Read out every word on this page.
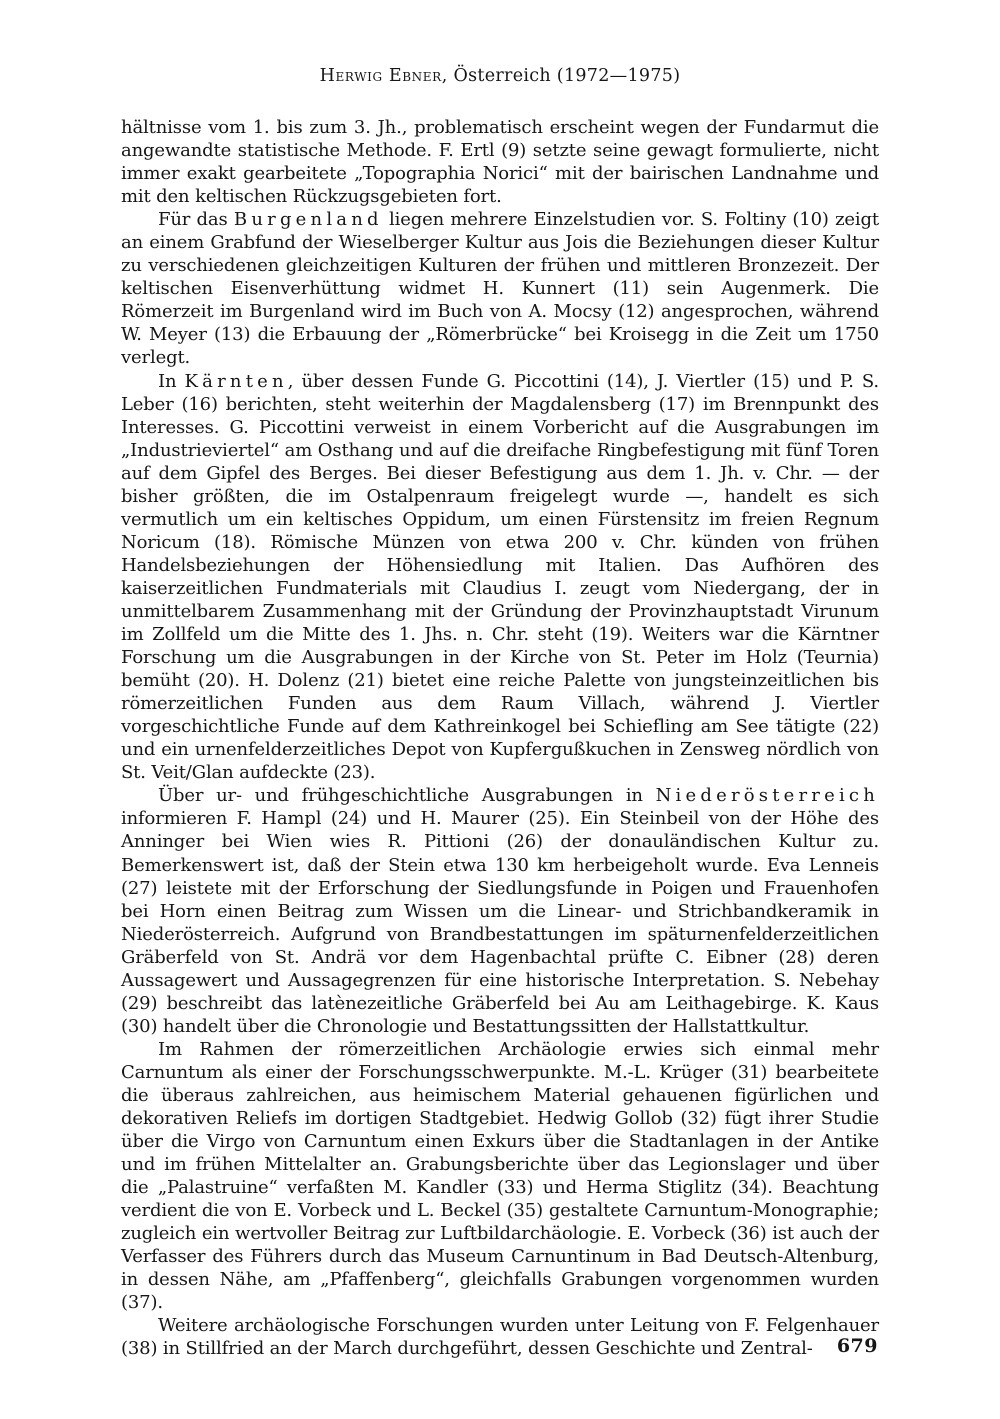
Herwig Ebner, Österreich (1972—1975)

hältnisse vom 1. bis zum 3. Jh., problematisch erscheint wegen der Fundarmut die angewandte statistische Methode. F. Ertl (9) setzte seine gewagt formulierte, nicht immer exakt gearbeitete „Topographia Norici“ mit der bairischen Landnahme und mit den keltischen Rückzugsgebieten fort.

Für das Burgenland liegen mehrere Einzelstudien vor. S. Foltiny (10) zeigt an einem Grabfund der Wieselberger Kultur aus Jois die Beziehungen dieser Kultur zu verschiedenen gleichzeitigen Kulturen der frühen und mittleren Bronzezeit. Der keltischen Eisenverhüttung widmet H. Kunnert (11) sein Augenmerk. Die Römerzeit im Burgenland wird im Buch von A. Mocsy (12) angesprochen, während W. Meyer (13) die Erbauung der „Römerbrücke“ bei Kroisegg in die Zeit um 1750 verlegt.

In Kärnten, über dessen Funde G. Piccottini (14), J. Viertler (15) und P. S. Leber (16) berichten, steht weiterhin der Magdalensberg (17) im Brennpunkt des Interesses. G. Piccottini verweist in einem Vorbericht auf die Ausgrabungen im „Industrieviertel“ am Osthang und auf die dreifache Ringbefestigung mit fünf Toren auf dem Gipfel des Berges. Bei dieser Befestigung aus dem 1. Jh. v. Chr. — der bisher größten, die im Ostalpenraum freigelegt wurde —, handelt es sich vermutlich um ein keltisches Oppidum, um einen Fürstensitz im freien Regnum Noricum (18). Römische Münzen von etwa 200 v. Chr. künden von frühen Handelsbeziehungen der Höhensiedlung mit Italien. Das Aufhören des kaiserzeitlichen Fundmaterials mit Claudius I. zeugt vom Niedergang, der in unmittelbarem Zusammenhang mit der Gründung der Provinzhauptstadt Virunum im Zollfeld um die Mitte des 1. Jhs. n. Chr. steht (19). Weiters war die Kärntner Forschung um die Ausgrabungen in der Kirche von St. Peter im Holz (Teurnia) bemüht (20). H. Dolenz (21) bietet eine reiche Palette von jungsteinzeitlichen bis römerzeitlichen Funden aus dem Raum Villach, während J. Viertler vorgeschichtliche Funde auf dem Kathreinkogel bei Schiefling am See tätigte (22) und ein urnenfelderzeitliches Depot von Kupfergußkuchen in Zensweg nördlich von St. Veit/Glan aufdeckte (23).

Über ur- und frühgeschichtliche Ausgrabungen in Niederösterreich informieren F. Hampl (24) und H. Maurer (25). Ein Steinbeil von der Höhe des Anninger bei Wien wies R. Pittioni (26) der donauländischen Kultur zu. Bemerkenswert ist, daß der Stein etwa 130 km herbeigeholt wurde. Eva Lenneis (27) leistete mit der Erforschung der Siedlungsfunde in Poigen und Frauenhofen bei Horn einen Beitrag zum Wissen um die Linear- und Strichbandkeramik in Niederösterreich. Aufgrund von Brandbestattungen im späturnenfelderzeitlichen Gräberfeld von St. Andrä vor dem Hagenbachtal prüfte C. Eibner (28) deren Aussagewert und Aussagegrenzen für eine historische Interpretation. S. Nebehay (29) beschreibt das latènezeitliche Gräberfeld bei Au am Leithagebirge. K. Kaus (30) handelt über die Chronologie und Bestattungssitten der Hallstattkultur.

Im Rahmen der römerzeitlichen Archäologie erwies sich einmal mehr Carnuntum als einer der Forschungsschwerpunkte. M.-L. Krüger (31) bearbeitete die überaus zahlreichen, aus heimischem Material gehauenen figürlichen und dekorativen Reliefs im dortigen Stadtgebiet. Hedwig Gollob (32) fügt ihrer Studie über die Virgo von Carnuntum einen Exkurs über die Stadtanlagen in der Antike und im frühen Mittelalter an. Grabungsberichte über das Legionslager und über die „Palastruine“ verfaßten M. Kandler (33) und Herma Stiglitz (34). Beachtung verdient die von E. Vorbeck und L. Beckel (35) gestaltete Carnuntum-Monographie; zugleich ein wertvoller Beitrag zur Luftbildarchäologie. E. Vorbeck (36) ist auch der Verfasser des Führers durch das Museum Carnuntinum in Bad Deutsch-Altenburg, in dessen Nähe, am „Pfaffenberg“, gleichfalls Grabungen vorgenommen wurden (37).

Weitere archäologische Forschungen wurden unter Leitung von F. Felgenhauer (38) in Stillfried an der March durchgeführt, dessen Geschichte und Zentral-	679
